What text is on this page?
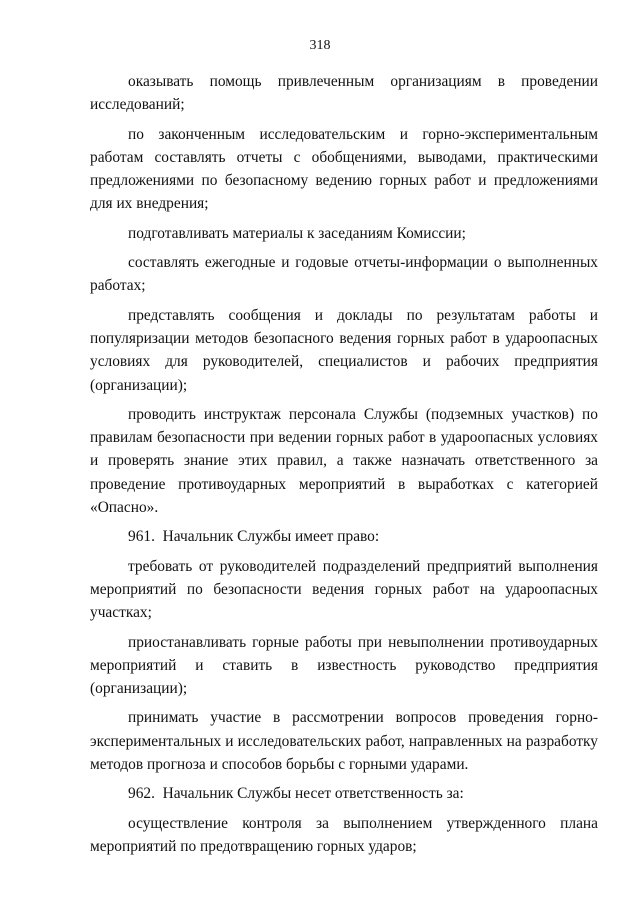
318

оказывать помощь привлеченным организациям в проведении исследований;

по законченным исследовательским и горно-экспериментальным работам составлять отчеты с обобщениями, выводами, практическими предложениями по безопасному ведению горных работ и предложениями для их внедрения;

подготавливать материалы к заседаниям Комиссии;

составлять ежегодные и годовые отчеты-информации о выполненных работах;

представлять сообщения и доклады по результатам работы и популяризации методов безопасного ведения горных работ в удароопасных условиях для руководителей, специалистов и рабочих предприятия (организации);

проводить инструктаж персонала Службы (подземных участков) по правилам безопасности при ведении горных работ в удароопасных условиях и проверять знание этих правил, а также назначать ответственного за проведение противоударных мероприятий в выработках с категорией «Опасно».

961. Начальник Службы имеет право:

требовать от руководителей подразделений предприятий выполнения мероприятий по безопасности ведения горных работ на удароопасных участках;

приостанавливать горные работы при невыполнении противоударных мероприятий и ставить в известность руководство предприятия (организации);

принимать участие в рассмотрении вопросов проведения горно-экспериментальных и исследовательских работ, направленных на разработку методов прогноза и способов борьбы с горными ударами.

962. Начальник Службы несет ответственность за:

осуществление контроля за выполнением утвержденного плана мероприятий по предотвращению горных ударов;
